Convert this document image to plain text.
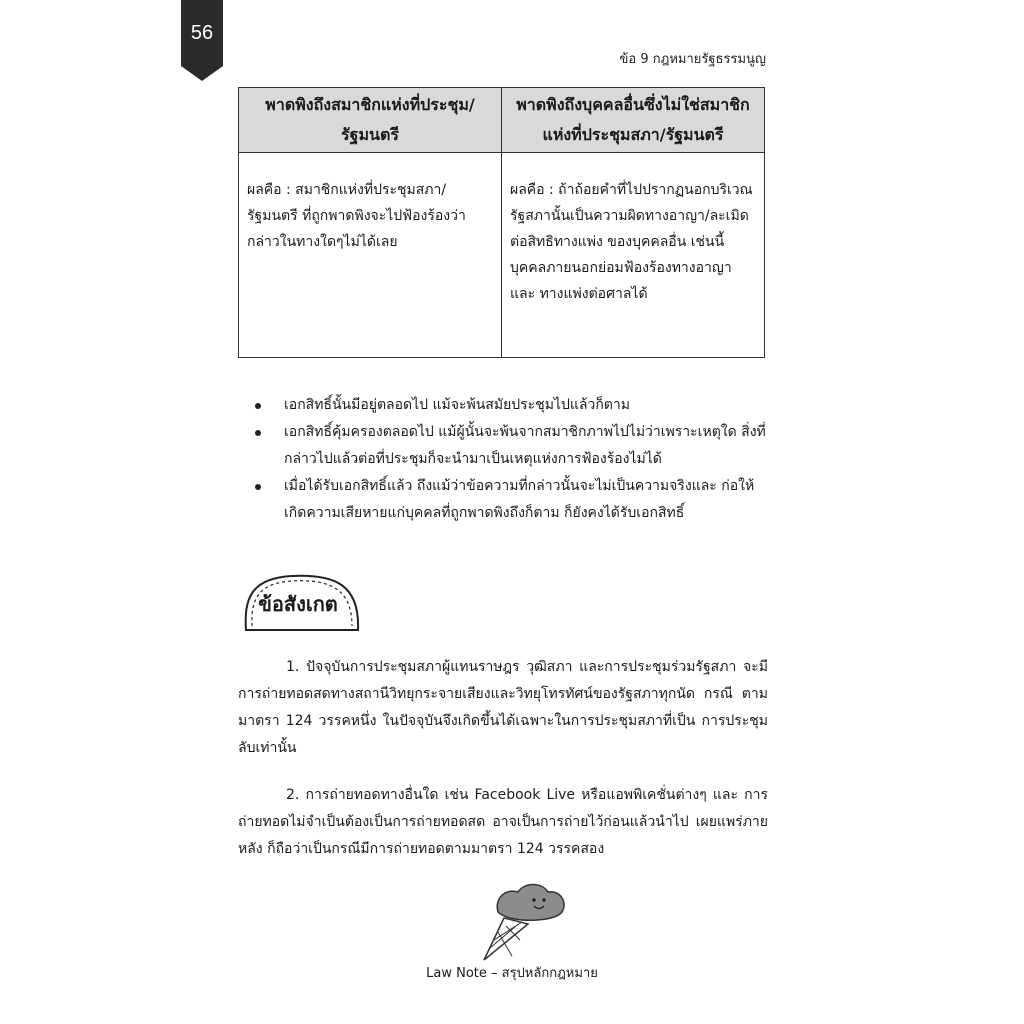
56
ข้อ 9 กฎหมายรัฐธรรมนูญ
พาดพิงถึงสมาชิกแห่งที่ประชุม/ รัฐมนตรี	พาดพิงถึงบุคคลอื่นซึ่งไม่ใช่สมาชิก แห่งที่ประชุมสภา/รัฐมนตรี
ผลคือ : สมาชิกแห่งที่ประชุมสภา/ รัฐมนตรี ที่ถูกพาดพิงจะไปฟ้องร้องว่า กล่าวในทางใดๆไม่ได้เลย	ผลคือ : ถ้าถ้อยคำที่ไปปรากฏนอกบริเวณ รัฐสภานั้นเป็นความผิดทางอาญา/ละเมิด ต่อสิทธิทางแพ่ง ของบุคคลอื่น เช่นนี้ บุคคลภายนอกย่อมฟ้องร้องทางอาญาและ ทางแพ่งต่อศาลได้
เอกสิทธิ์นั้นมีอยู่ตลอดไป แม้จะพ้นสมัยประชุมไปแล้วก็ตาม
เอกสิทธิ์คุ้มครองตลอดไป แม้ผู้นั้นจะพ้นจากสมาชิกภาพไปไม่ว่าเพราะเหตุใด สิ่งที่กล่าวไปแล้วต่อที่ประชุมก็จะนำมาเป็นเหตุแห่งการฟ้องร้องไม่ได้
เมื่อได้รับเอกสิทธิ์แล้ว ถึงแม้ว่าข้อความที่กล่าวนั้นจะไม่เป็นความจริงและ ก่อให้เกิดความเสียหายแก่บุคคลที่ถูกพาดพิงถึงก็ตาม ก็ยังคงได้รับเอกสิทธิ์
ข้อสังเกต

1. ปัจจุบันการประชุมสภาผู้แทนราษฎร วุฒิสภา และการประชุมร่วมรัฐสภา จะมี การถ่ายทอดสดทางสถานีวิทยุกระจายเสียงและวิทยุโทรทัศน์ของรัฐสภาทุกนัด กรณี ตามมาตรา 124 วรรคหนึ่ง ในปัจจุบันจึงเกิดขึ้นได้เฉพาะในการประชุมสภาที่เป็น การประชุมลับเท่านั้น

2. การถ่ายทอดทางอื่นใด เช่น Facebook Live หรือแอพพิเคชั่นต่างๆ และ การถ่ายทอดไม่จำเป็นต้องเป็นการถ่ายทอดสด อาจเป็นการถ่ายไว้ก่อนแล้วนำไป เผยแพร่ภายหลัง ก็ถือว่าเป็นกรณีมีการถ่ายทอดตามมาตรา 124 วรรคสอง

Law Note – สรุปหลักกฎหมาย
